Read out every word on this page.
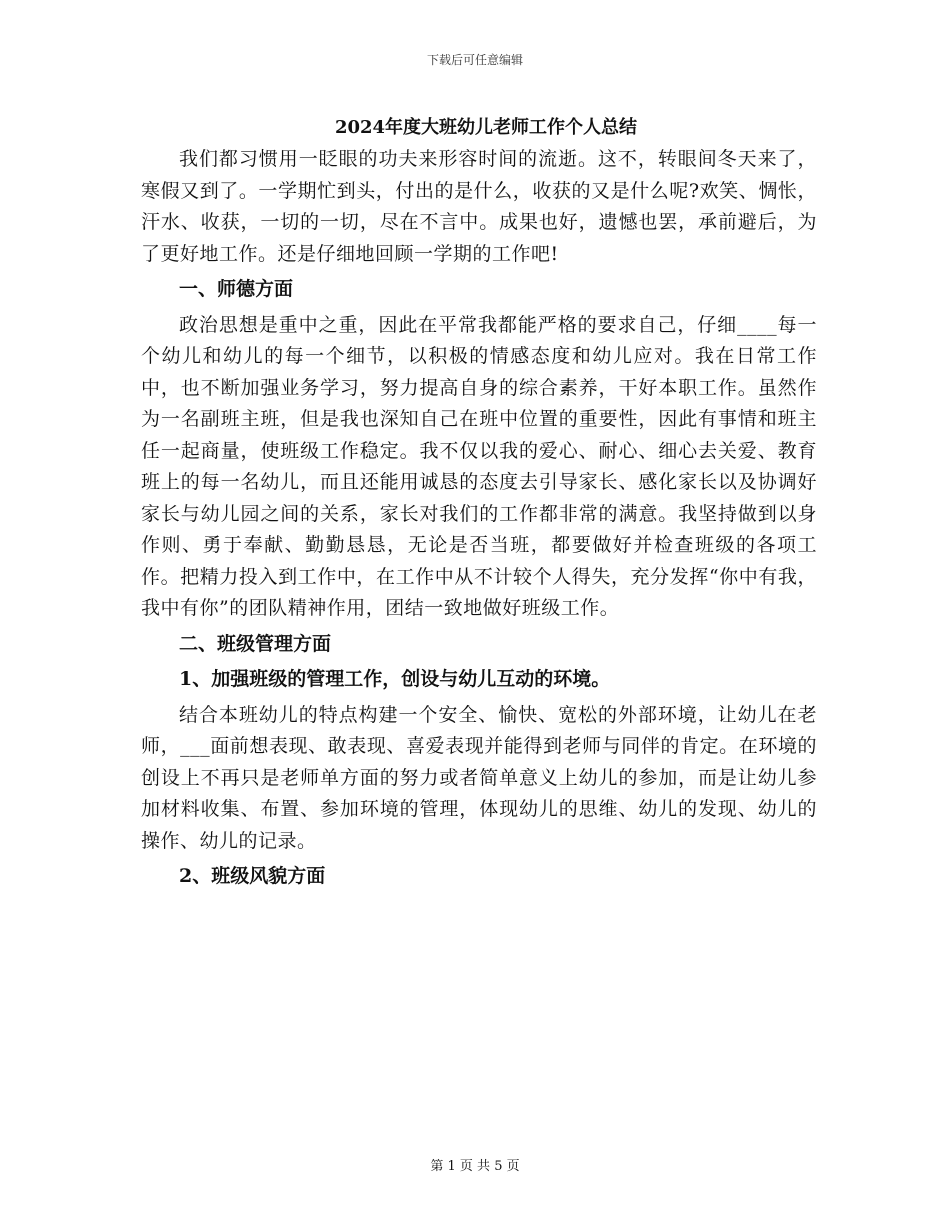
下载后可任意编辑
2024年度大班幼儿老师工作个人总结

我们都习惯用一眨眼的功夫来形容时间的流逝。这不，转眼间冬天来了，寒假又到了。一学期忙到头，付出的是什么，收获的又是什么呢?欢笑、惆怅，汗水、收获，一切的一切，尽在不言中。成果也好，遗憾也罢，承前避后，为了更好地工作。还是仔细地回顾一学期的工作吧!

一、师德方面

政治思想是重中之重，因此在平常我都能严格的要求自己，仔细____每一个幼儿和幼儿的每一个细节，以积极的情感态度和幼儿应对。我在日常工作中，也不断加强业务学习，努力提高自身的综合素养，干好本职工作。虽然作为一名副班主班，但是我也深知自己在班中位置的重要性，因此有事情和班主任一起商量，使班级工作稳定。我不仅以我的爱心、耐心、细心去关爱、教育班上的每一名幼儿，而且还能用诚恳的态度去引导家长、感化家长以及协调好家长与幼儿园之间的关系，家长对我们的工作都非常的满意。我坚持做到以身作则、勇于奉献、勤勤恳恳，无论是否当班，都要做好并检查班级的各项工作。把精力投入到工作中，在工作中从不计较个人得失，充分发挥“你中有我，我中有你”的团队精神作用，团结一致地做好班级工作。

二、班级管理方面

1、加强班级的管理工作，创设与幼儿互动的环境。

结合本班幼儿的特点构建一个安全、愉快、宽松的外部环境，让幼儿在老师，___面前想表现、敢表现、喜爱表现并能得到老师与同伴的肯定。在环境的创设上不再只是老师单方面的努力或者简单意义上幼儿的参加，而是让幼儿参加材料收集、布置、参加环境的管理，体现幼儿的思维、幼儿的发现、幼儿的操作、幼儿的记录。

2、班级风貌方面

第 1 页 共 5 页
